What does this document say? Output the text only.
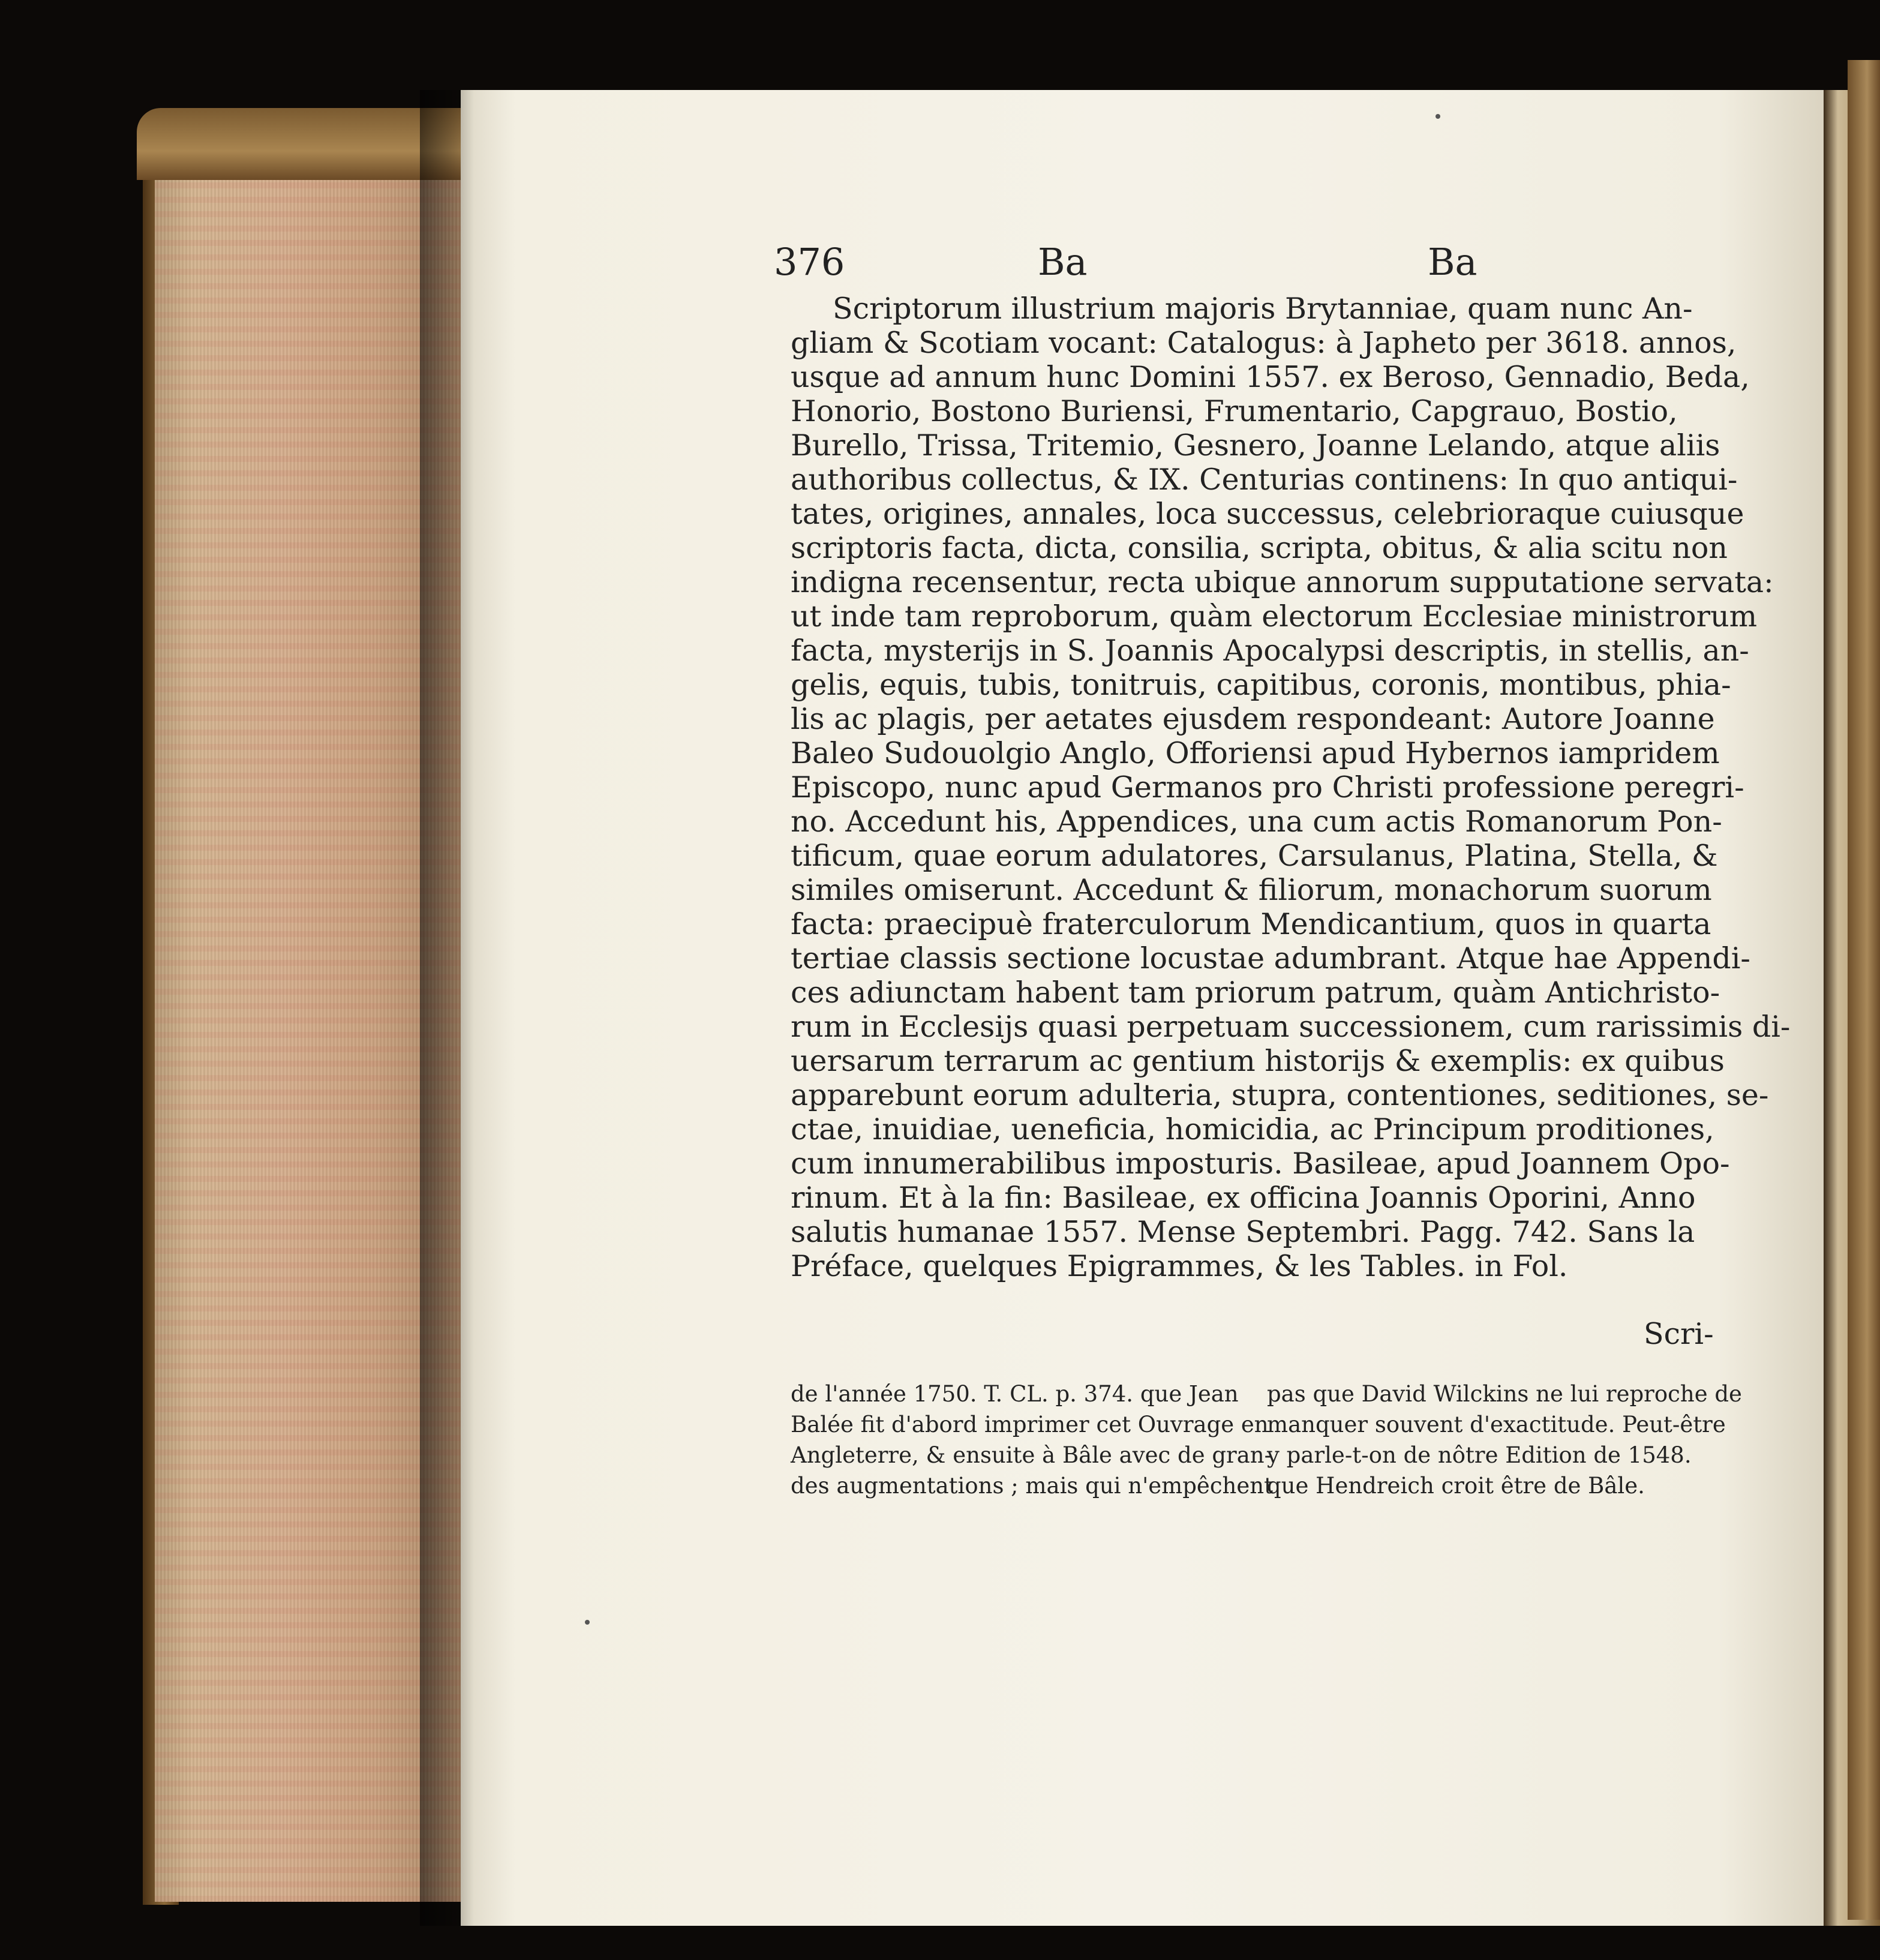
376	Ba	Ba
Scriptorum illustrium majoris Brytanniae, quam nunc An-
gliam & Scotiam vocant: Catalogus: à Japheto per 3618. annos,
usque ad annum hunc Domini 1557. ex Beroso, Gennadio, Beda,
Honorio, Bostono Buriensi, Frumentario, Capgrauo, Bostio,
Burello, Trissa, Tritemio, Gesnero, Joanne Lelando, atque aliis
authoribus collectus, & IX. Centurias continens: In quo antiqui-
tates, origines, annales, loca successus, celebrioraque cuiusque
scriptoris facta, dicta, consilia, scripta, obitus, & alia scitu non
indigna recensentur, recta ubique annorum supputatione servata:
ut inde tam reproborum, quàm electorum Ecclesiae ministrorum
facta, mysterijs in S. Joannis Apocalypsi descriptis, in stellis, an-
gelis, equis, tubis, tonitruis, capitibus, coronis, montibus, phia-
lis ac plagis, per aetates ejusdem respondeant: Autore Joanne
Baleo Sudouolgio Anglo, Offoriensi apud Hybernos iampridem
Episcopo, nunc apud Germanos pro Christi professione peregri-
no. Accedunt his, Appendices, una cum actis Romanorum Pon-
tificum, quae eorum adulatores, Carsulanus, Platina, Stella, &
similes omiserunt. Accedunt & filiorum, monachorum suorum
facta: praecipuè fraterculorum Mendicantium, quos in quarta
tertiae classis sectione locustae adumbrant. Atque hae Appendi-
ces adiunctam habent tam priorum patrum, quàm Antichristo-
rum in Ecclesijs quasi perpetuam successionem, cum rarissimis di-
uersarum terrarum ac gentium historijs & exemplis: ex quibus
apparebunt eorum adulteria, stupra, contentiones, seditiones, se-
ctae, inuidiae, ueneficia, homicidia, ac Principum proditiones,
cum innumerabilibus imposturis. Basileae, apud Joannem Opo-
rinum. Et à la fin: Basileae, ex officina Joannis Oporini, Anno
salutis humanae 1557. Mense Septembri. Pagg. 742. Sans la
Préface, quelques Epigrammes, & les Tables. in Fol.
Scri-
de l'année 1750. T. CL. p. 374. que Jean
Balée fit d'abord imprimer cet Ouvrage en
Angleterre, & ensuite à Bâle avec de gran-
des augmentations ; mais qui n'empêchent
pas que David Wilckins ne lui reproche de
manquer souvent d'exactitude. Peut-être
y parle-t-on de nôtre Edition de 1548.
que Hendreich croit être de Bâle.
